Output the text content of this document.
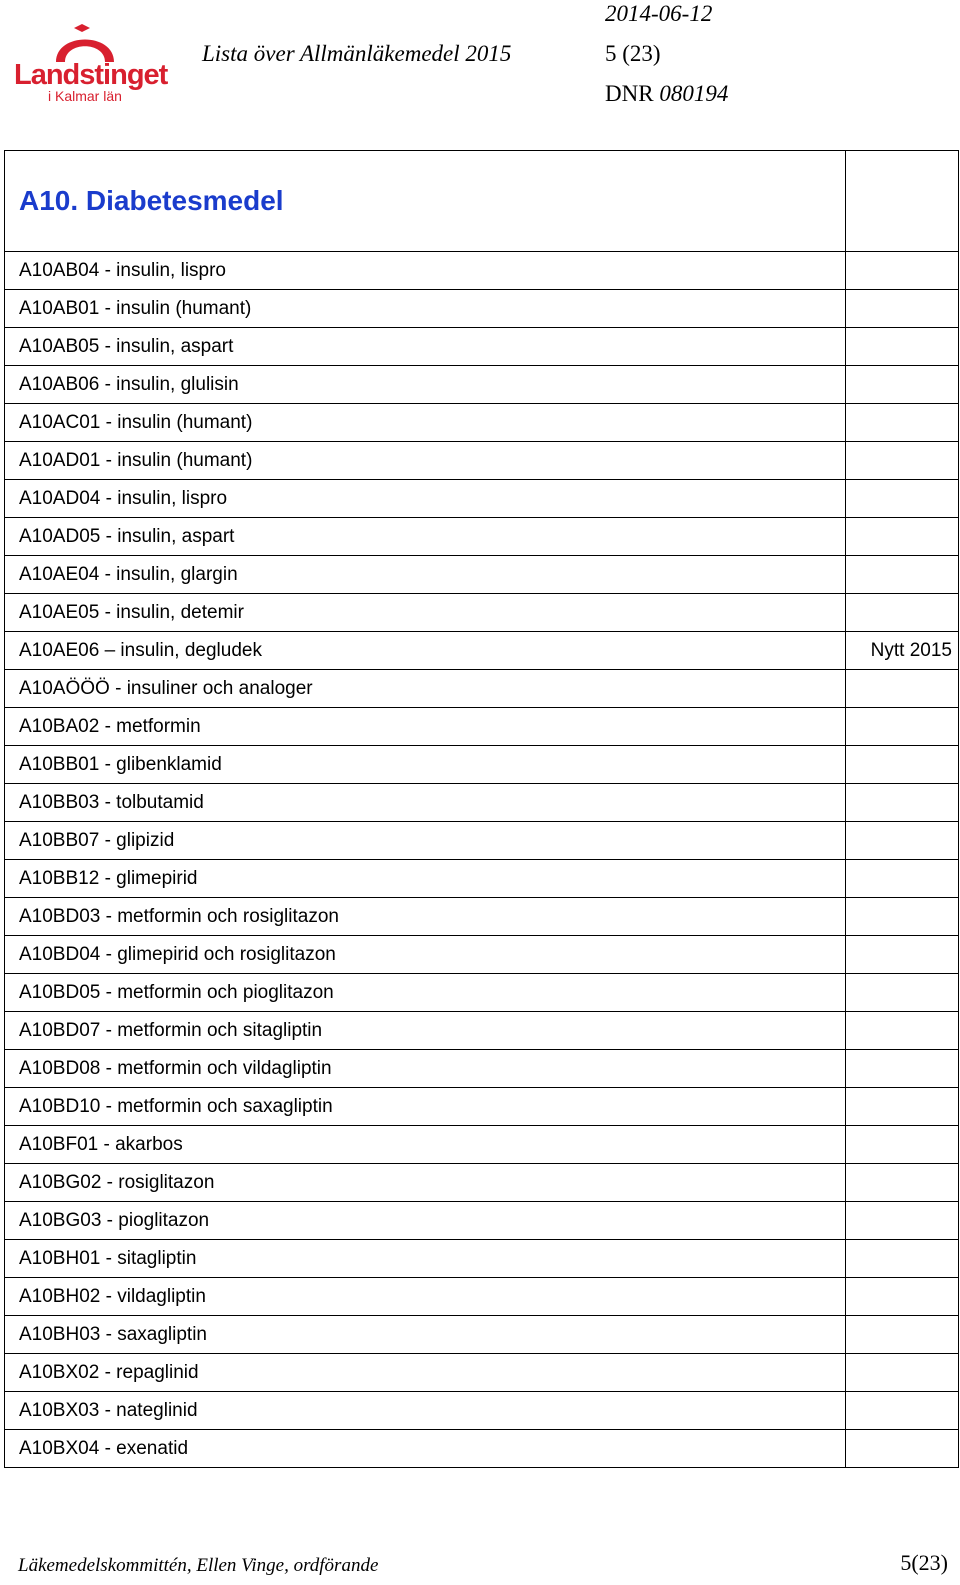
Landstinget
i Kalmar län
2014-06-12
Lista över Allmänläkemedel 2015	5 (23)
DNR 080194
A10. Diabetesmedel	
A10AB04 - insulin, lispro	
A10AB01 - insulin (humant)	
A10AB05 - insulin, aspart	
A10AB06 - insulin, glulisin	
A10AC01 - insulin (humant)	
A10AD01 - insulin (humant)	
A10AD04 - insulin, lispro	
A10AD05 - insulin, aspart	
A10AE04 - insulin, glargin	
A10AE05 - insulin, detemir	
A10AE06 – insulin, degludek	Nytt 2015
A10AÖÖÖ - insuliner och analoger	
A10BA02 - metformin	
A10BB01 - glibenklamid	
A10BB03 - tolbutamid	
A10BB07 - glipizid	
A10BB12 - glimepirid	
A10BD03 - metformin och rosiglitazon	
A10BD04 - glimepirid och rosiglitazon	
A10BD05 - metformin och pioglitazon	
A10BD07 - metformin och sitagliptin	
A10BD08 - metformin och vildagliptin	
A10BD10 - metformin och saxagliptin	
A10BF01 - akarbos	
A10BG02 - rosiglitazon	
A10BG03 - pioglitazon	
A10BH01 - sitagliptin	
A10BH02 - vildagliptin	
A10BH03 - saxagliptin	
A10BX02 - repaglinid	
A10BX03 - nateglinid	
A10BX04 - exenatid	
Läkemedelskommittén, Ellen Vinge, ordförande	5(23)
